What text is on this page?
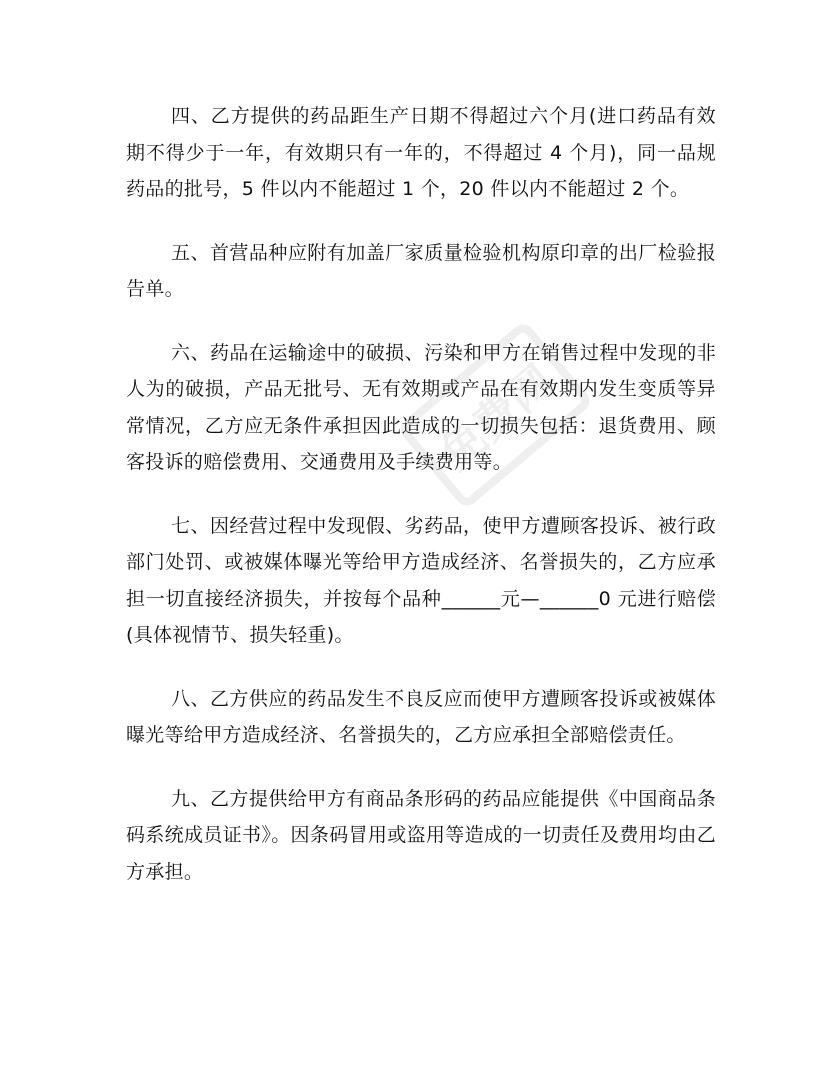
四、乙方提供的药品距生产日期不得超过六个月(进口药品有效期不得少于一年，有效期只有一年的，不得超过 4 个月)，同一品规药品的批号，5 件以内不能超过 1 个，20 件以内不能超过 2 个。

五、首营品种应附有加盖厂家质量检验机构原印章的出厂检验报告单。

六、药品在运输途中的破损、污染和甲方在销售过程中发现的非人为的破损，产品无批号、无有效期或产品在有效期内发生变质等异常情况，乙方应无条件承担因此造成的一切损失包括：退货费用、顾客投诉的赔偿费用、交通费用及手续费用等。

七、因经营过程中发现假、劣药品，使甲方遭顾客投诉、被行政部门处罚、或被媒体曝光等给甲方造成经济、名誉损失的，乙方应承担一切直接经济损失，并按每个品种______元—______0 元进行赔偿(具体视情节、损失轻重)。

八、乙方供应的药品发生不良反应而使甲方遭顾客投诉或被媒体曝光等给甲方造成经济、名誉损失的，乙方应承担全部赔偿责任。

九、乙方提供给甲方有商品条形码的药品应能提供《中国商品条码系统成员证书》。因条码冒用或盗用等造成的一切责任及费用均由乙方承担。

免费网
